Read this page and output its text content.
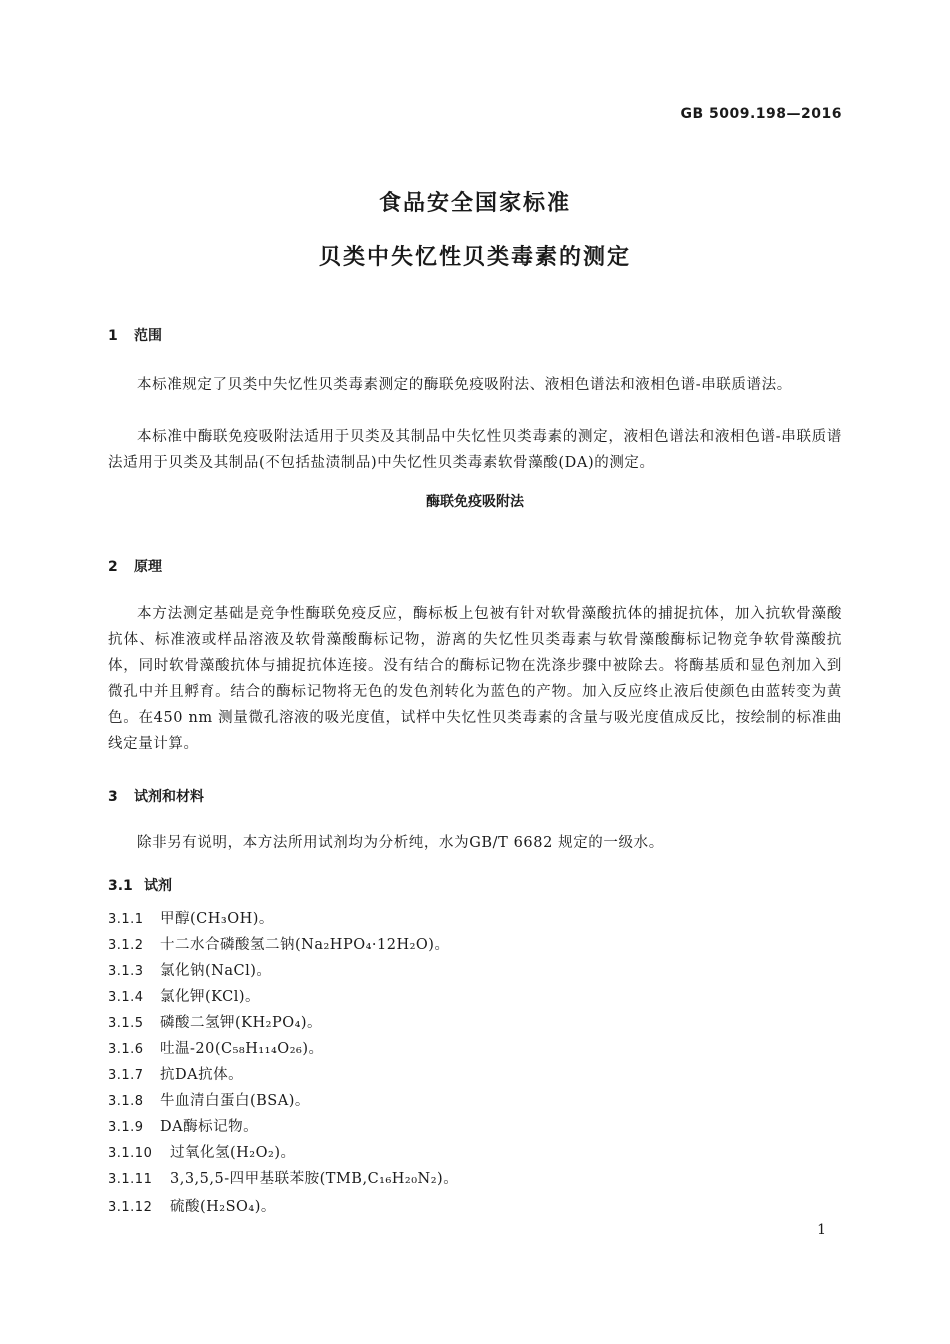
GB 5009.198—2016
食品安全国家标准
贝类中失忆性贝类毒素的测定
1 范围
本标准规定了贝类中失忆性贝类毒素测定的酶联免疫吸附法、液相色谱法和液相色谱-串联质谱法。
本标准中酶联免疫吸附法适用于贝类及其制品中失忆性贝类毒素的测定，液相色谱法和液相色谱-串联质谱法适用于贝类及其制品(不包括盐渍制品)中失忆性贝类毒素软骨藻酸(DA)的测定。
酶联免疫吸附法
2 原理
本方法测定基础是竞争性酶联免疫反应，酶标板上包被有针对软骨藻酸抗体的捕捉抗体，加入抗软骨藻酸抗体、标准液或样品溶液及软骨藻酸酶标记物，游离的失忆性贝类毒素与软骨藻酸酶标记物竞争软骨藻酸抗体，同时软骨藻酸抗体与捕捉抗体连接。没有结合的酶标记物在洗涤步骤中被除去。将酶基质和显色剂加入到微孔中并且孵育。结合的酶标记物将无色的发色剂转化为蓝色的产物。加入反应终止液后使颜色由蓝转变为黄色。在450 nm 测量微孔溶液的吸光度值，试样中失忆性贝类毒素的含量与吸光度值成反比，按绘制的标准曲线定量计算。
3 试剂和材料
除非另有说明，本方法所用试剂均为分析纯，水为GB/T 6682 规定的一级水。
3.1 试剂
3.1.1 甲醇(CH₃OH)。
3.1.2 十二水合磷酸氢二钠(Na₂HPO₄·12H₂O)。
3.1.3 氯化钠(NaCl)。
3.1.4 氯化钾(KCl)。
3.1.5 磷酸二氢钾(KH₂PO₄)。
3.1.6 吐温-20(C₅₈H₁₁₄O₂₆)。
3.1.7 抗DA抗体。
3.1.8 牛血清白蛋白(BSA)。
3.1.9 DA酶标记物。
3.1.10 过氧化氢(H₂O₂)。
3.1.11 3,3,5,5-四甲基联苯胺(TMB,C₁₆H₂₀N₂)。
3.1.12 硫酸(H₂SO₄)。
1
